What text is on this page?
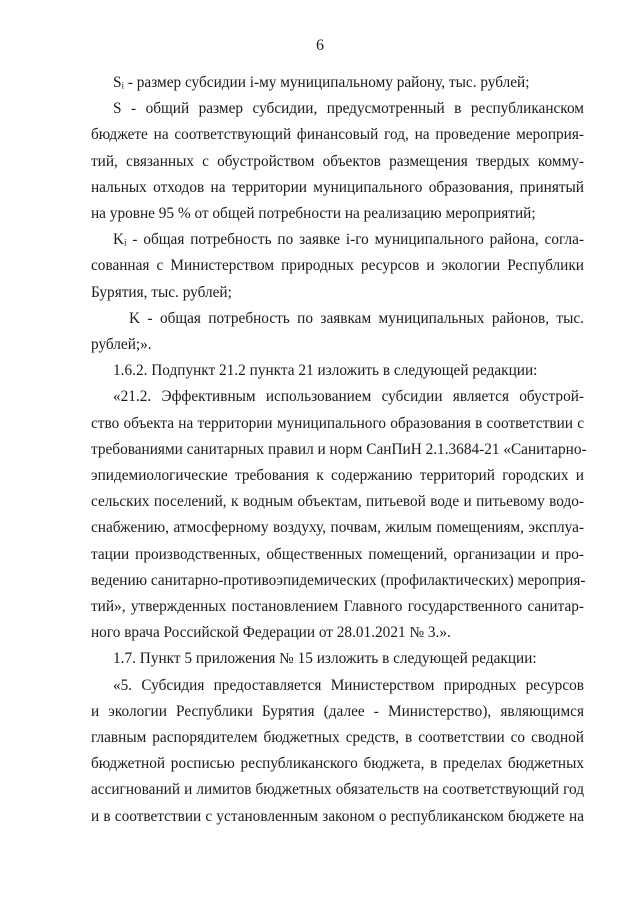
6
Sᵢ - размер субсидии i-му муниципальному району, тыс. рублей;
S - общий размер субсидии, предусмотренный в республиканском
бюджете на соответствующий финансовый год, на проведение мероприя-
тий, связанных с обустройством объектов размещения твердых комму-
нальных отходов на территории муниципального образования, принятый
на уровне 95 % от общей потребности на реализацию мероприятий;
Kᵢ - общая потребность по заявке i-го муниципального района, согла-
сованная с Министерством природных ресурсов и экологии Республики
Бурятия, тыс. рублей;
K - общая потребность по заявкам муниципальных районов, тыс.
рублей;».
1.6.2. Подпункт 21.2 пункта 21 изложить в следующей редакции:
«21.2. Эффективным использованием субсидии является обустрой-
ство объекта на территории муниципального образования в соответствии с
требованиями санитарных правил и норм СанПиН 2.1.3684-21 «Санитарно-
эпидемиологические требования к содержанию территорий городских и
сельских поселений, к водным объектам, питьевой воде и питьевому водо-
снабжению, атмосферному воздуху, почвам, жилым помещениям, эксплуа-
тации производственных, общественных помещений, организации и про-
ведению санитарно-противоэпидемических (профилактических) мероприя-
тий», утвержденных постановлением Главного государственного санитар-
ного врача Российской Федерации от 28.01.2021 № 3.».
1.7. Пункт 5 приложения № 15 изложить в следующей редакции:
«5. Субсидия предоставляется Министерством природных ресурсов
и экологии Республики Бурятия (далее - Министерство), являющимся
главным распорядителем бюджетных средств, в соответствии со сводной
бюджетной росписью республиканского бюджета, в пределах бюджетных
ассигнований и лимитов бюджетных обязательств на соответствующий год
и в соответствии с установленным законом о республиканском бюджете на
